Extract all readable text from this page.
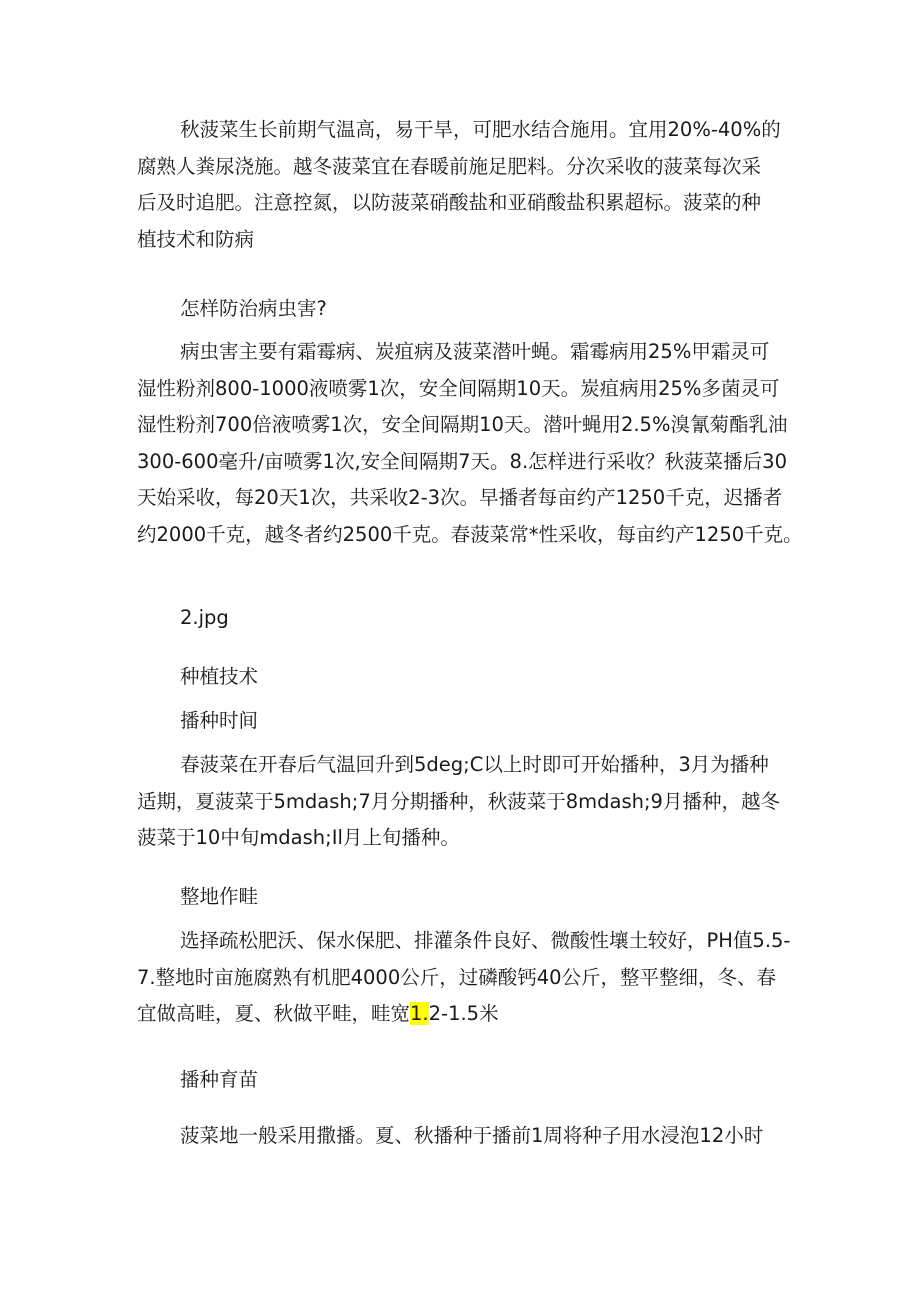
秋菠菜生长前期气温高，易干旱，可肥水结合施用。宜用20%-40%的
腐熟人粪尿浇施。越冬菠菜宜在春暖前施足肥料。分次采收的菠菜每次采
后及时追肥。注意控氮，以防菠菜硝酸盐和亚硝酸盐积累超标。菠菜的种
植技术和防病

怎样防治病虫害?

病虫害主要有霜霉病、炭疽病及菠菜潜叶蝇。霜霉病用25%甲霜灵可
湿性粉剂800-1000液喷雾1次，安全间隔期10天。炭疽病用25%多菌灵可
湿性粉剂700倍液喷雾1次，安全间隔期10天。潜叶蝇用2.5%溴氰菊酯乳油
300-600毫升/亩喷雾1次,安全间隔期7天。8.怎样进行采收？秋菠菜播后30
天始采收，每20天1次，共采收2-3次。早播者每亩约产1250千克，迟播者
约2000千克，越冬者约2500千克。春菠菜常*性采收，每亩约产1250千克。

2.jpg

种植技术

播种时间

春菠菜在开春后气温回升到5deg;C以上时即可开始播种，3月为播种
适期，夏菠菜于5mdash;7月分期播种，秋菠菜于8mdash;9月播种，越冬
菠菜于10中旬mdash;Il月上旬播种。

整地作畦

选择疏松肥沃、保水保肥、排灌条件良好、微酸性壤土较好，PH值5.5-
7.整地时亩施腐熟有机肥4000公斤，过磷酸钙40公斤，整平整细，冬、春
宜做高畦，夏、秋做平畦，畦宽1.2-1.5米

播种育苗

菠菜地一般采用撒播。夏、秋播种于播前1周将种子用水浸泡12小时
